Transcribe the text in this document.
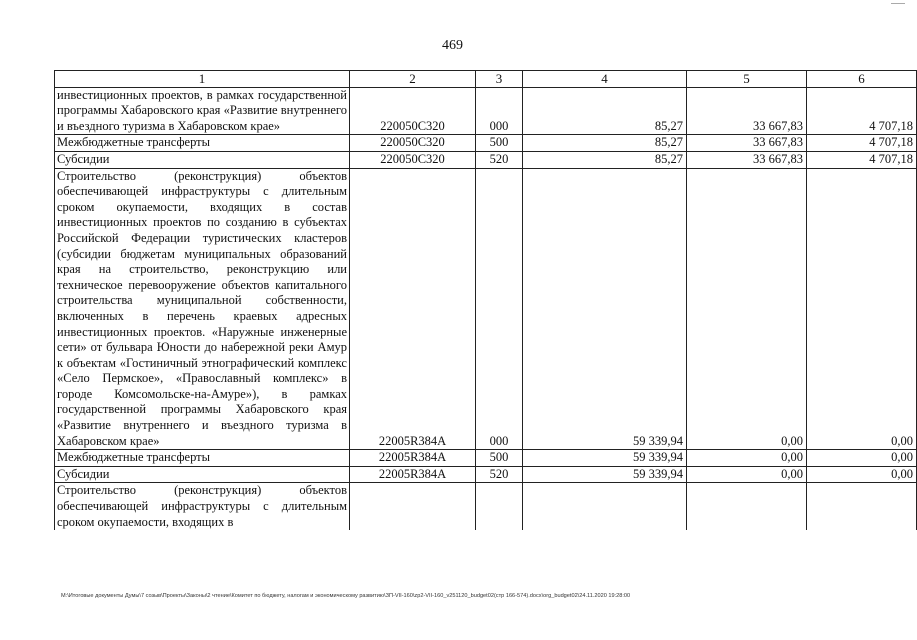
469
1	2	3	4	5	6
инвестиционных проектов, в рамках государственной программы Хабаровского края «Развитие внутреннего и въездного туризма в Хабаровском крае»	220050С320	000	85,27	33 667,83	4 707,18
Межбюджетные трансферты	220050С320	500	85,27	33 667,83	4 707,18
Субсидии	220050С320	520	85,27	33 667,83	4 707,18
Строительство (реконструкция) объектов обеспечивающей инфраструктуры с длительным сроком окупаемости, входящих в состав инвестиционных проектов по созданию в субъектах Российской Федерации туристических кластеров (субсидии бюджетам муниципальных образований края на строительство, реконструкцию или техническое перевооружение объектов капитального строительства муниципальной собственности, включенных в перечень краевых адресных инвестиционных проектов. «Наружные инженерные сети» от бульвара Юности до набережной реки Амур к объектам «Гостиничный этнографический комплекс «Село Пермское», «Православный комплекс» в городе Комсомольске-на-Амуре»), в рамках государственной программы Хабаровского края «Развитие внутреннего и въездного туризма в Хабаровском крае»	22005R384A	000	59 339,94	0,00	0,00
Межбюджетные трансферты	22005R384A	500	59 339,94	0,00	0,00
Субсидии	22005R384A	520	59 339,94	0,00	0,00
Строительство (реконструкция) объектов обеспечивающей инфраструктуры с длительным сроком окупаемости, входящих в					
M:\Итоговые документы Думы\7 созыв\Проекты\Законы\2 чтение\Комитет по бюджету, налогам и экономическому развитию\ЗП-VII-160\zp2-VII-160_v251120_budget02(стр 166-574).docx\org_budget02\24.11.2020 19:28:00
